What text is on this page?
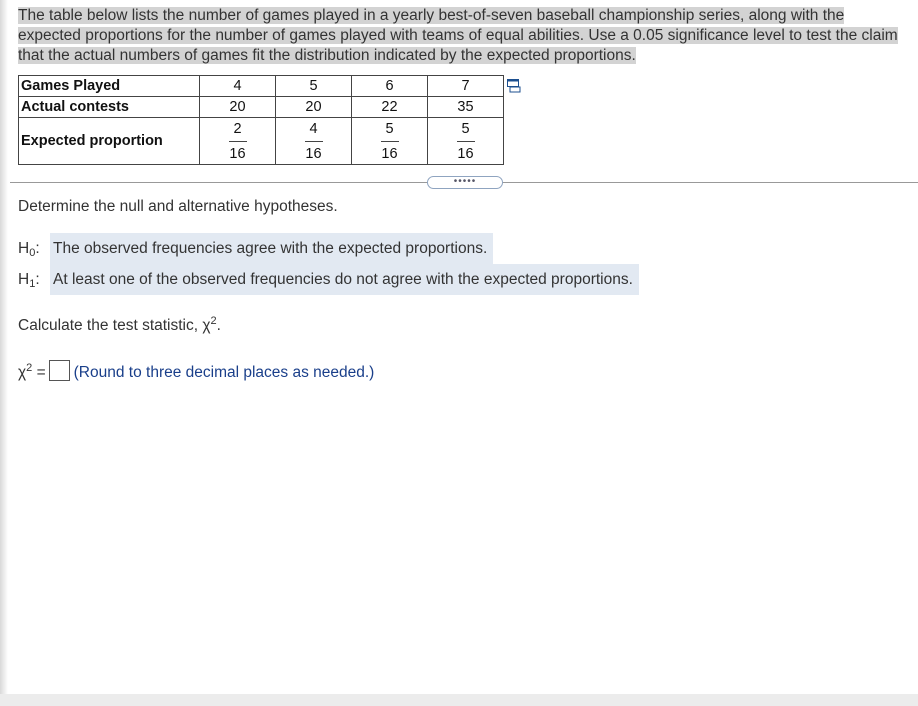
The table below lists the number of games played in a yearly best-of-seven baseball championship series, along with the expected proportions for the number of games played with teams of equal abilities. Use a 0.05 significance level to test the claim that the actual numbers of games fit the distribution indicated by the expected proportions.
Games Played	4	5	6	7
Actual contests	20	20	22	35
Expected proportion	$\frac{2}{16}$	$\frac{4}{16}$	$\frac{5}{16}$	$\frac{5}{16}$
•••••
Determine the null and alternative hypotheses.
$H_0$: The observed frequencies agree with the expected proportions.
$H_1$: At least one of the observed frequencies do not agree with the expected proportions.
Calculate the test statistic, $\chi^2$.
$\chi^2$ = (Round to three decimal places as needed.)
